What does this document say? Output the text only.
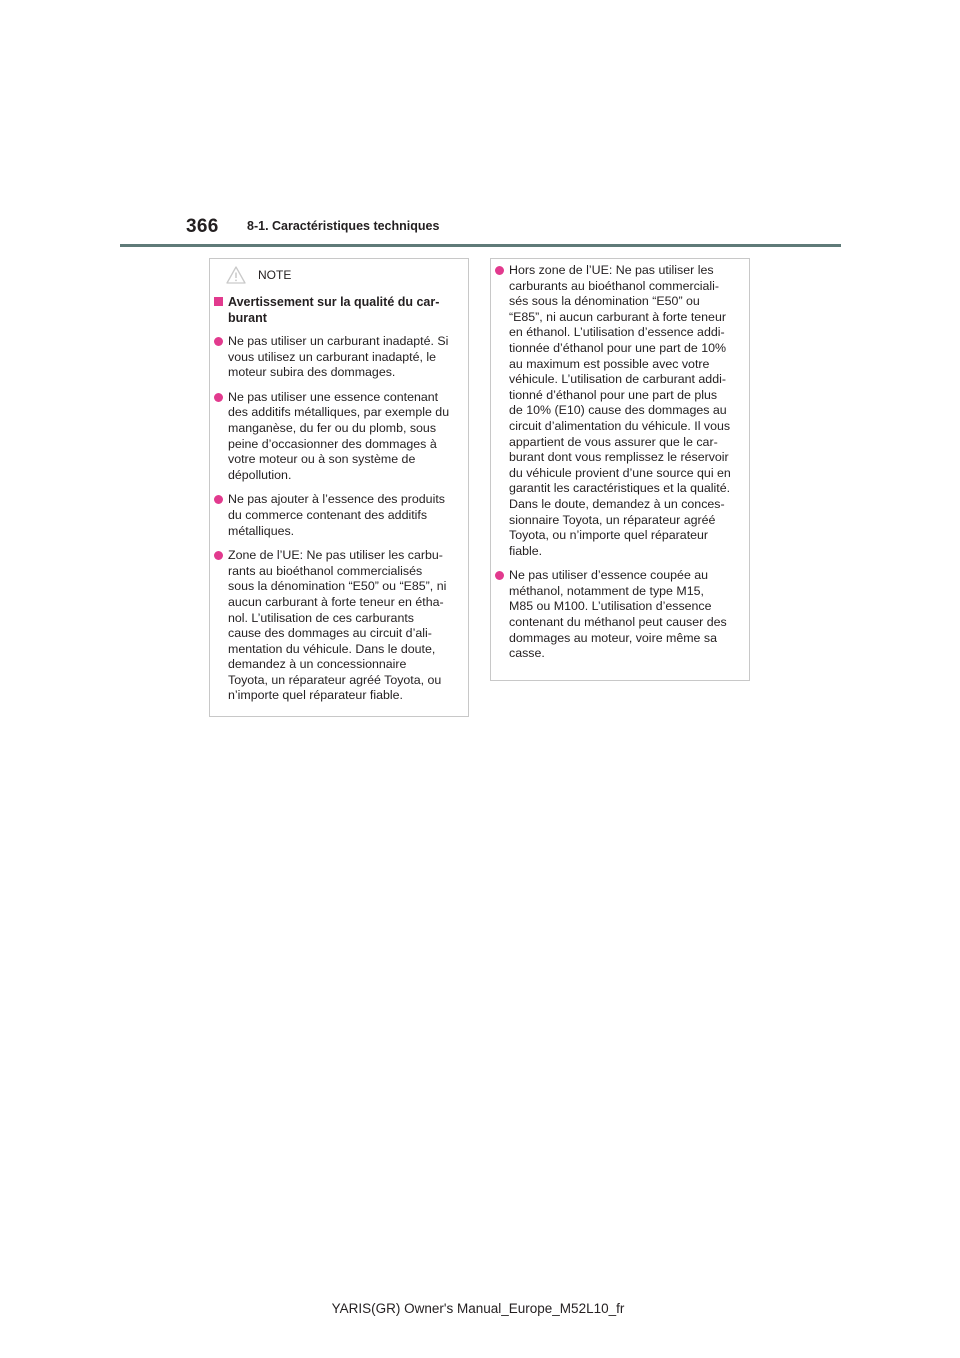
366 8-1. Caractéristiques techniques
NOTE
Avertissement sur la qualité du car-
burant
Ne pas utiliser un carburant inadapté. Si
vous utilisez un carburant inadapté, le
moteur subira des dommages.
Ne pas utiliser une essence contenant
des additifs métalliques, par exemple du
manganèse, du fer ou du plomb, sous
peine d’occasionner des dommages à
votre moteur ou à son système de
dépollution.
Ne pas ajouter à l’essence des produits
du commerce contenant des additifs
métalliques.
Zone de l’UE: Ne pas utiliser les carbu-
rants au bioéthanol commercialisés
sous la dénomination “E50” ou “E85”, ni
aucun carburant à forte teneur en étha-
nol. L’utilisation de ces carburants
cause des dommages au circuit d’ali-
mentation du véhicule. Dans le doute,
demandez à un concessionnaire
Toyota, un réparateur agréé Toyota, ou
n’importe quel réparateur fiable.
Hors zone de l’UE: Ne pas utiliser les
carburants au bioéthanol commerciali-
sés sous la dénomination “E50” ou
“E85”, ni aucun carburant à forte teneur
en éthanol. L’utilisation d’essence addi-
tionnée d’éthanol pour une part de 10%
au maximum est possible avec votre
véhicule. L’utilisation de carburant addi-
tionné d’éthanol pour une part de plus
de 10% (E10) cause des dommages au
circuit d’alimentation du véhicule. Il vous
appartient de vous assurer que le car-
burant dont vous remplissez le réservoir
du véhicule provient d’une source qui en
garantit les caractéristiques et la qualité.
Dans le doute, demandez à un conces-
sionnaire Toyota, un réparateur agréé
Toyota, ou n’importe quel réparateur
fiable.
Ne pas utiliser d’essence coupée au
méthanol, notamment de type M15,
M85 ou M100. L’utilisation d’essence
contenant du méthanol peut causer des
dommages au moteur, voire même sa
casse.
YARIS(GR) Owner's Manual_Europe_M52L10_fr
